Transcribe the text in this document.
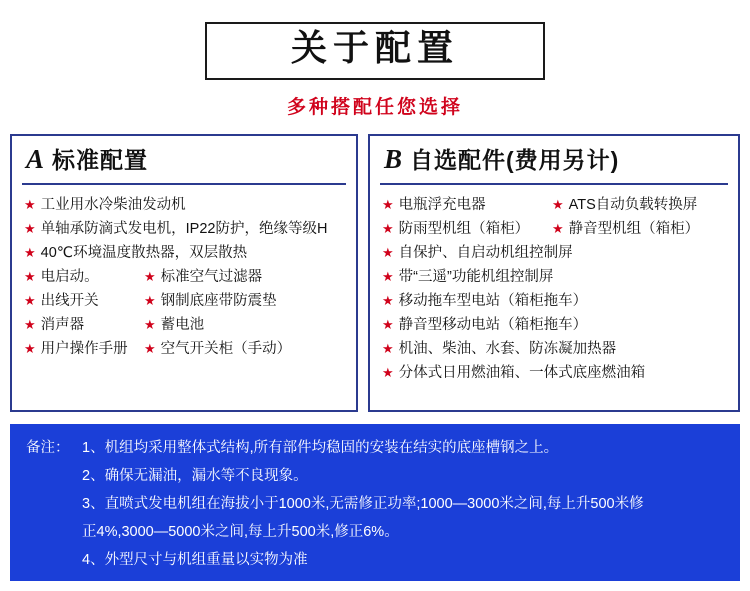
关于配置
多种搭配任您选择
A 标准配置
★ 工业用水冷柴油发动机
★ 单轴承防滴式发电机，IP22防护，绝缘等级H
★ 40℃环境温度散热器，双层散热
★ 电启动。	★ 标准空气过滤器
★ 出线开关	★ 钢制底座带防震垫
★ 消声器	★ 蓄电池
★ 用户操作手册 ★ 空气开关柜（手动）
B 自选配件(费用另计)
★ 电瓶浮充电器	★ ATS自动负载转换屏
★ 防雨型机组（箱柜） ★ 静音型机组（箱柜）
★ 自保护、自启动机组控制屏
★ 带“三遥”功能机组控制屏
★ 移动拖车型电站（箱柜拖车）
★ 静音型移动电站（箱柜拖车）
★ 机油、柴油、水套、防冻凝加热器
★ 分体式日用燃油箱、一体式底座燃油箱
备注： 1、机组均采用整体式结构,所有部件均稳固的安装在结实的底座槽钢之上。
2、确保无漏油，漏水等不良现象。
3、直喷式发电机组在海拔小于1000米,无需修正功率;1000—3000米之间,每上升500米修
正4%,3000—5000米之间,每上升500米,修正6%。
4、外型尺寸与机组重量以实物为准
